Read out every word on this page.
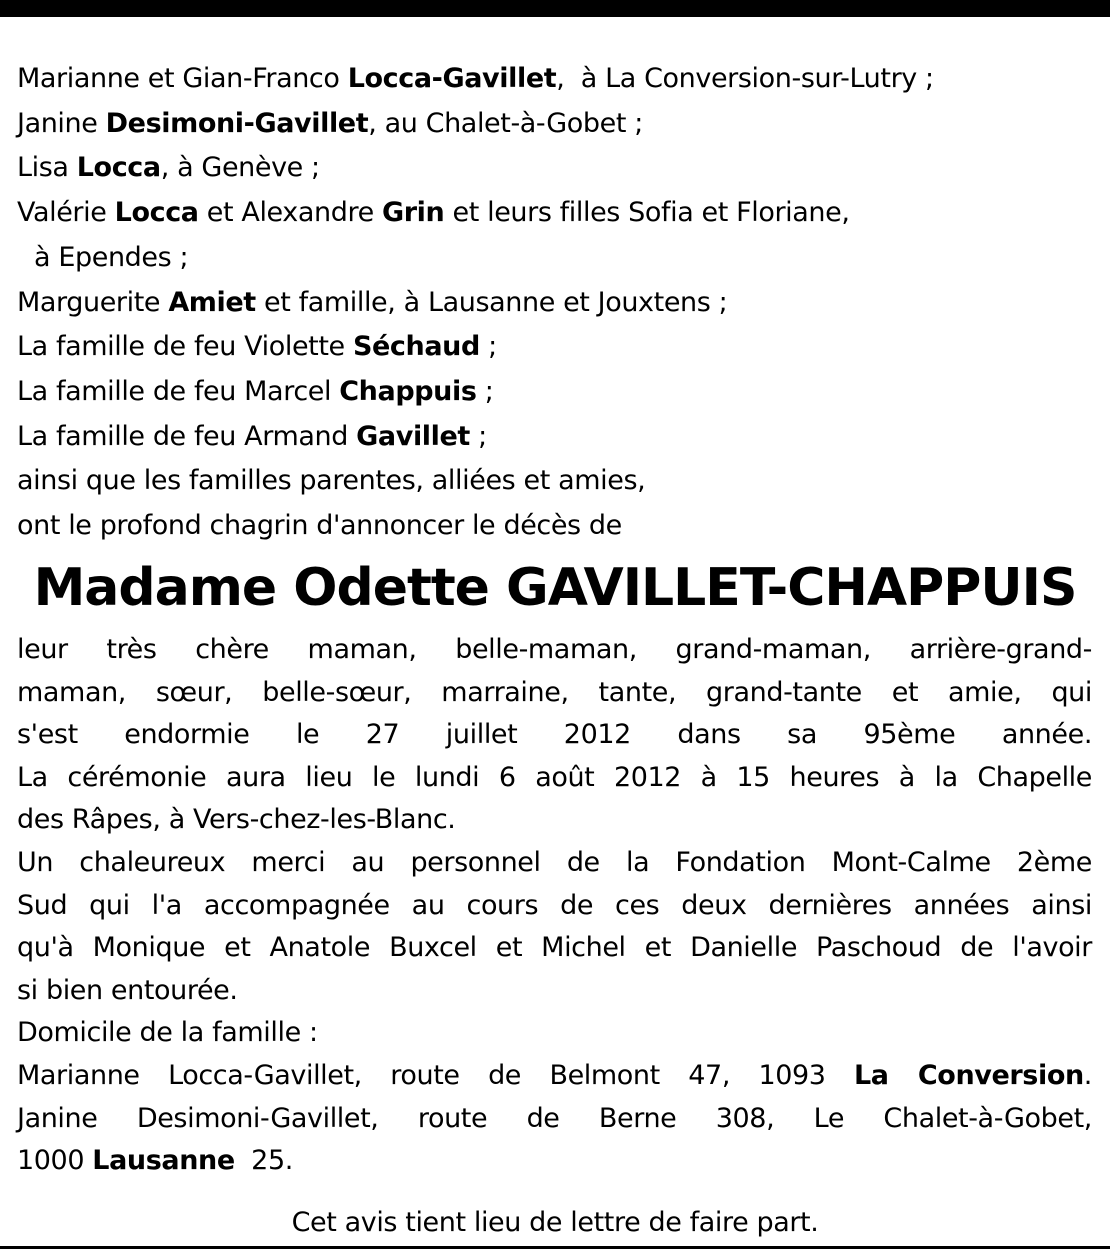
Marianne et Gian-Franco Locca-Gavillet,  à La Conversion-sur-Lutry ;
Janine Desimoni-Gavillet, au Chalet-à-Gobet ;
Lisa Locca, à Genève ;
Valérie Locca et Alexandre Grin et leurs filles Sofia et Floriane,
à Ependes ;
Marguerite Amiet et famille, à Lausanne et Jouxtens ;
La famille de feu Violette Séchaud ;
La famille de feu Marcel Chappuis ;
La famille de feu Armand Gavillet ;
ainsi que les familles parentes, alliées et amies,
ont le profond chagrin d'annoncer le décès de
Madame Odette GAVILLET-CHAPPUIS
leur très chère maman, belle-maman, grand-maman, arrière-grand-
maman, sœur, belle-sœur, marraine, tante, grand-tante et amie, qui
s'est endormie le 27 juillet 2012 dans sa 95ème année.
La cérémonie aura lieu le lundi 6 août 2012 à 15 heures à la Chapelle
des Râpes, à Vers-chez-les-Blanc.
Un chaleureux merci au personnel de la Fondation Mont-Calme 2ème
Sud qui l'a accompagnée au cours de ces deux dernières années ainsi
qu'à Monique et Anatole Buxcel et Michel et Danielle Paschoud de l'avoir
si bien entourée.
Domicile de la famille :
Marianne Locca-Gavillet, route de Belmont 47, 1093 La Conversion.
Janine Desimoni-Gavillet, route de Berne 308, Le Chalet-à-Gobet,
1000 Lausanne  25.
Cet avis tient lieu de lettre de faire part.
